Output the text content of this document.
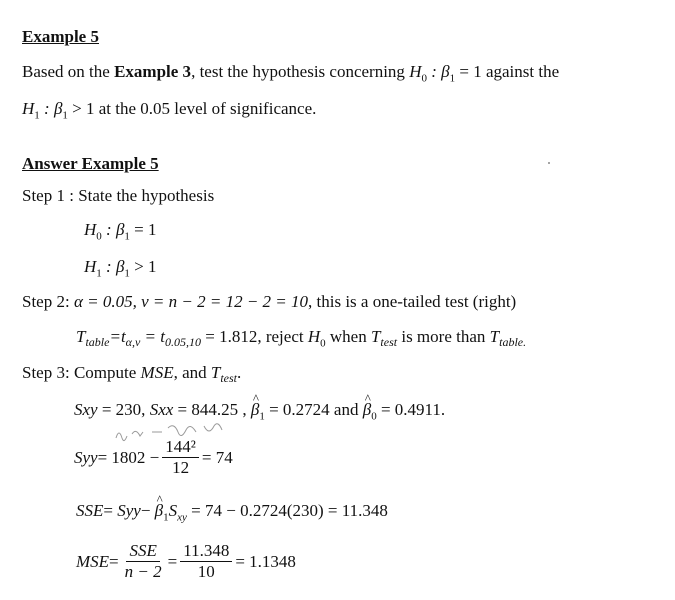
Example 5
Based on the Example 3, test the hypothesis concerning $H_0$ : $\beta_1 = 1$ against the
$H_1$ : $\beta_1 > 1$ at the 0.05 level of significance.
Answer Example 5
Step 1 : State the hypothesis
$H_0$ : $\beta_1 = 1$
$H_1$ : $\beta_1 > 1$
Step 2: α = 0.05, ν = n − 2 = 12 − 2 = 10, this is a one-tailed test (right)
$T_{table}=t_{\alpha,\nu} = t_{0.05,10} = 1.812$, reject $H_0$ when $T_{test}$ is more than $T_{table.}$
Step 3: Compute MSE, and $T_{test}$.
Sxy = 230, Sxx = 844.25 , ^ $\beta_1 = 0.2724$ and ^ $\beta_0 = 0.4911$.
Syy = $1802 - \frac{\text{144²}}{12} = 74$
SSE= Syy− ^ $\beta_1S_{xy} = 74 - 0.2724(230) = 11.348$
MSE = $\frac{\text{SSE}}{n - 2} = \frac{11.348}{10} = 1.1348$
